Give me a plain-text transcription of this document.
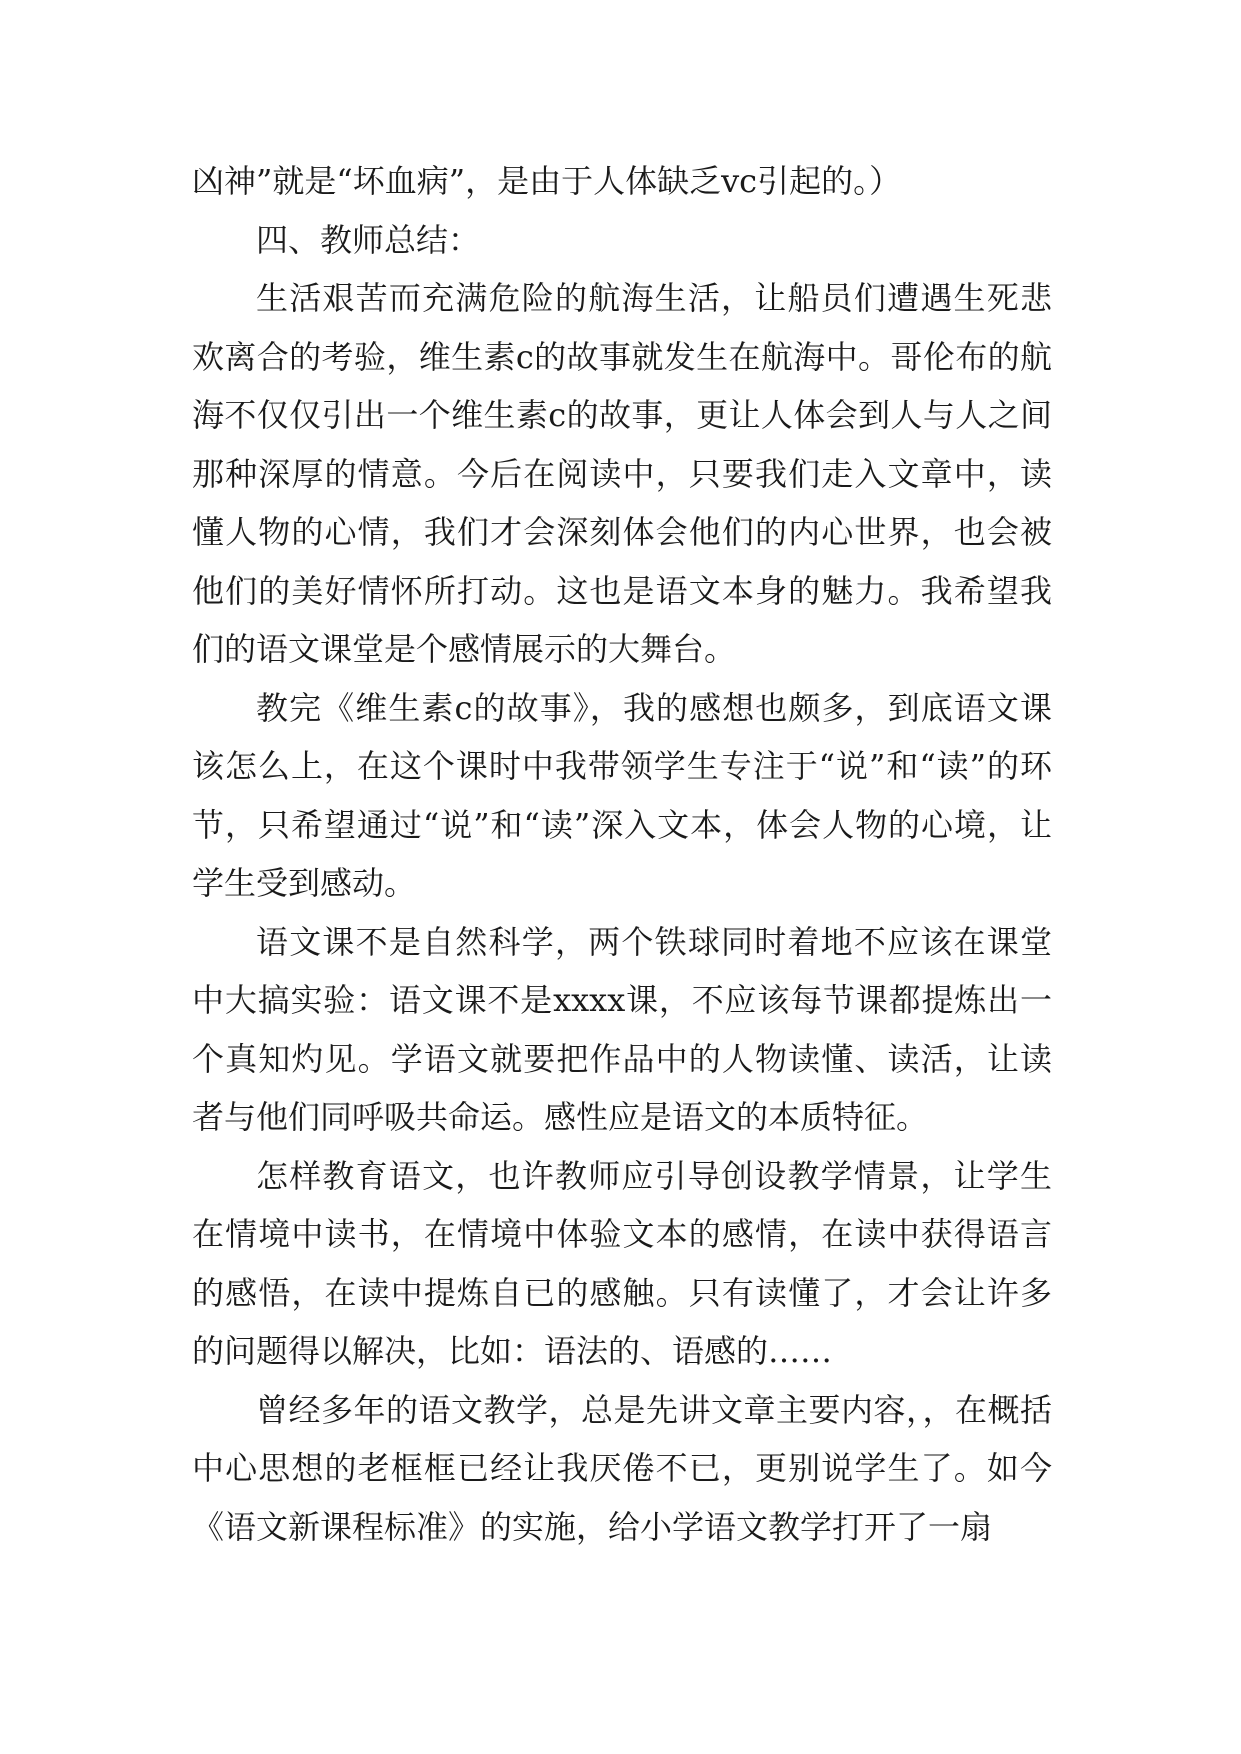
凶神”就是“坏血病”，是由于人体缺乏vc引起的。）

四、教师总结：

生活艰苦而充满危险的航海生活，让船员们遭遇生死悲欢离合的考验，维生素c的故事就发生在航海中。哥伦布的航海不仅仅引出一个维生素c的故事，更让人体会到人与人之间那种深厚的情意。今后在阅读中，只要我们走入文章中，读懂人物的心情，我们才会深刻体会他们的内心世界，也会被他们的美好情怀所打动。这也是语文本身的魅力。我希望我们的语文课堂是个感情展示的大舞台。

教完《维生素c的故事》，我的感想也颇多，到底语文课该怎么上，在这个课时中我带领学生专注于“说”和“读”的环节，只希望通过“说”和“读”深入文本，体会人物的心境，让学生受到感动。

语文课不是自然科学，两个铁球同时着地不应该在课堂中大搞实验：语文课不是xxxx课，不应该每节课都提炼出一个真知灼见。学语文就要把作品中的人物读懂、读活，让读者与他们同呼吸共命运。感性应是语文的本质特征。

怎样教育语文，也许教师应引导创设教学情景，让学生在情境中读书，在情境中体验文本的感情，在读中获得语言的感悟，在读中提炼自已的感触。只有读懂了，才会让许多的问题得以解决，比如：语法的、语感的……

曾经多年的语文教学，总是先讲文章主要内容，，在概括中心思想的老框框已经让我厌倦不已，更别说学生了。如今《语文新课程标准》的实施，给小学语文教学打开了一扇
